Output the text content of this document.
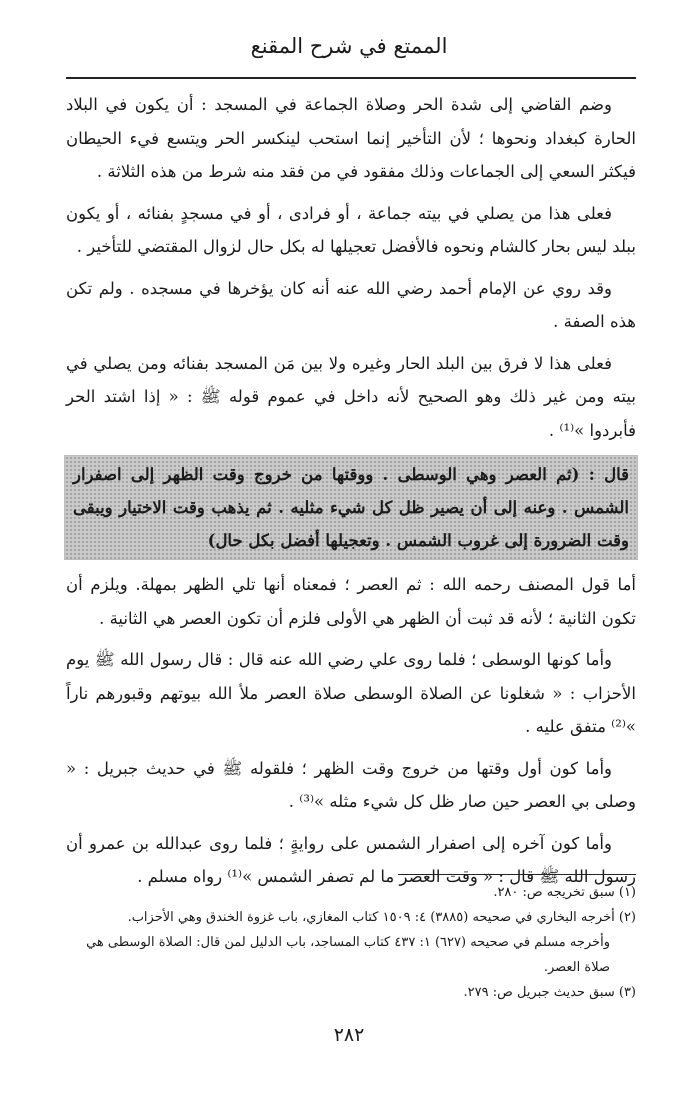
الممتع في شرح المقنع

وضم القاضي إلى شدة الحر وصلاة الجماعة في المسجد : أن يكون في البلاد الحارة كبغداد ونحوها ؛ لأن التأخير إنما استحب لينكسر الحر ويتسع فيء الحيطان فيكثر السعي إلى الجماعات وذلك مفقود في من فقد منه شرط من هذه الثلاثة .

فعلى هذا من يصلي في بيته جماعة ، أو فرادى ، أو في مسجدٍ بفنائه ، أو يكون ببلد ليس بحار كالشام ونحوه فالأفضل تعجيلها له بكل حال لزوال المقتضي للتأخير .

وقد روي عن الإمام أحمد رضي الله عنه أنه كان يؤخرها في مسجده . ولم تكن هذه الصفة .

فعلى هذا لا فرق بين البلد الحار وغيره ولا بين مَن المسجد بفنائه ومن يصلي في بيته ومن غير ذلك وهو الصحيح لأنه داخل في عموم قوله ﷺ : « إذا اشتد الحر فأبردوا »⁽¹⁾ .

قال : (ثم العصر وهي الوسطى . ووقتها من خروج وقت الظهر إلى اصفرار الشمس . وعنه إلى أن يصير ظل كل شيء مثليه . ثم يذهب وقت الاختيار ويبقى وقت الضرورة إلى غروب الشمس . وتعجيلها أفضل بكل حال)

أما قول المصنف رحمه الله : ثم العصر ؛ فمعناه أنها تلي الظهر بمهلة. ويلزم أن تكون الثانية ؛ لأنه قد ثبت أن الظهر هي الأولى فلزم أن تكون العصر هي الثانية .

وأما كونها الوسطى ؛ فلما روى علي رضي الله عنه قال : قال رسول الله ﷺ يوم الأحزاب : « شغلونا عن الصلاة الوسطى صلاة العصر ملأ الله بيوتهم وقبورهم ناراً »⁽²⁾ متفق عليه .

وأما كون أول وقتها من خروج وقت الظهر ؛ فلقوله ﷺ في حديث جبريل : « وصلى بي العصر حين صار ظل كل شيء مثله »⁽³⁾ .

وأما كون آخره إلى اصفرار الشمس على روايةٍ ؛ فلما روى عبدالله بن عمرو أن رسول الله ﷺ قال : « وقت العصر ما لم تصفر الشمس »⁽¹⁾ رواه مسلم .

(١) سبق تخريجه ص: ٢٨٠.

(٢) أخرجه البخاري في صحيحه (٣٨٨٥) ٤: ١٥٠٩ كتاب المغازي، باب غزوة الخندق وهي الأحزاب.

وأخرجه مسلم في صحيحه (٦٢٧) ١: ٤٣٧ كتاب المساجد، باب الدليل لمن قال: الصلاة الوسطى هي صلاة العصر.

(٣) سبق حديث جبريل ص: ٢٧٩.

٢٨٢
